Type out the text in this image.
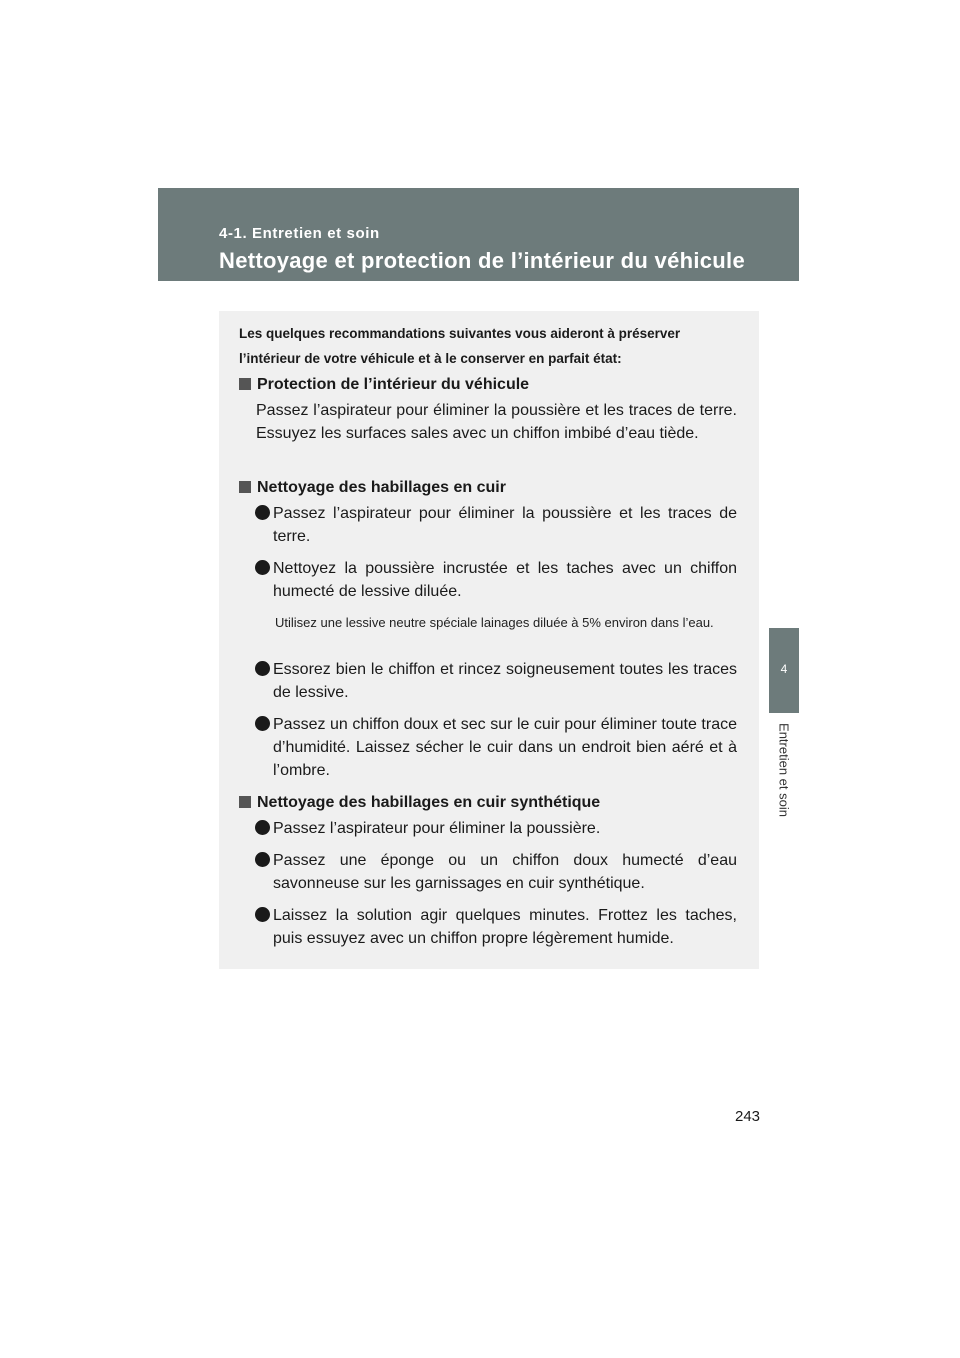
4-1. Entretien et soin
Nettoyage et protection de l’intérieur du véhicule
4
Entretien et soin
Les quelques recommandations suivantes vous aideront à préserver l’intérieur de votre véhicule et à le conserver en parfait état:
Protection de l’intérieur du véhicule
Passez l’aspirateur pour éliminer la poussière et les traces de terre. Essuyez les surfaces sales avec un chiffon imbibé d’eau tiède.
Nettoyage des habillages en cuir
Passez l’aspirateur pour éliminer la poussière et les traces de terre.
Nettoyez la poussière incrustée et les taches avec un chiffon humecté de lessive diluée.
Utilisez une lessive neutre spéciale lainages diluée à 5% environ dans l’eau.
Essorez bien le chiffon et rincez soigneusement toutes les traces de lessive.
Passez un chiffon doux et sec sur le cuir pour éliminer toute trace d’humidité. Laissez sécher le cuir dans un endroit bien aéré et à l’ombre.
Nettoyage des habillages en cuir synthétique
Passez l’aspirateur pour éliminer la poussière.
Passez une éponge ou un chiffon doux humecté d’eau savonneuse sur les garnissages en cuir synthétique.
Laissez la solution agir quelques minutes. Frottez les taches, puis essuyez avec un chiffon propre légèrement humide.
243
